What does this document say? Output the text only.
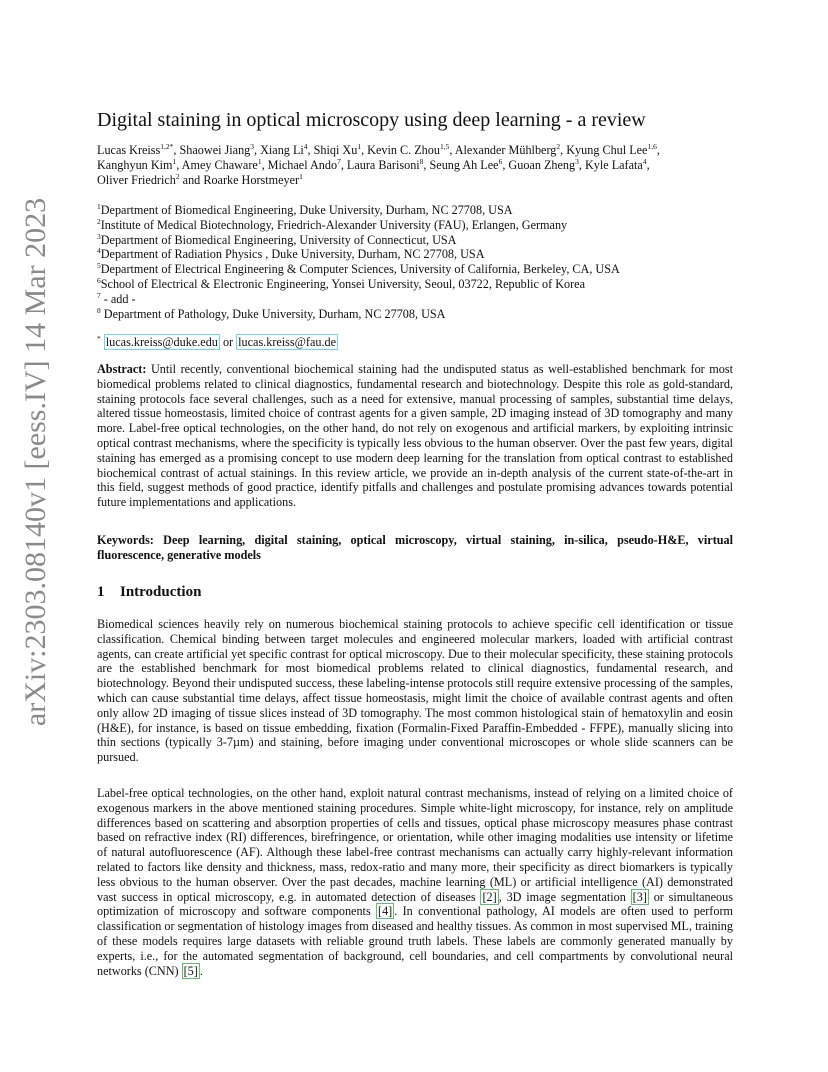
arXiv:2303.08140v1 [eess.IV] 14 Mar 2023
Digital staining in optical microscopy using deep learning - a review
Lucas Kreiss$^{1,2*}$, Shaowei Jiang$^3$, Xiang Li$^4$, Shiqi Xu$^1$, Kevin C. Zhou$^{1,5}$, Alexander Mühlberg$^2$, Kyung Chul Lee$^{1,6}$,
Kanghyun Kim$^1$, Amey Chaware$^1$, Michael Ando$^7$, Laura Barisoni$^8$, Seung Ah Lee$^6$, Guoan Zheng$^3$, Kyle Lafata$^4$,
Oliver Friedrich$^2$ and Roarke Horstmeyer$^1$
$^1$Department of Biomedical Engineering, Duke University, Durham, NC 27708, USA
$^2$Institute of Medical Biotechnology, Friedrich-Alexander University (FAU), Erlangen, Germany
$^3$Department of Biomedical Engineering, University of Connecticut, USA
$^4$Department of Radiation Physics , Duke University, Durham, NC 27708, USA
$^5$Department of Electrical Engineering & Computer Sciences, University of California, Berkeley, CA, USA
$^6$School of Electrical & Electronic Engineering, Yonsei University, Seoul, 03722, Republic of Korea
$^7$ - add -
$^8$ Department of Pathology, Duke University, Durham, NC 27708, USA
* lucas.kreiss@duke.edu or lucas.kreiss@fau.de
Abstract: Until recently, conventional biochemical staining had the undisputed status as well-established benchmark for most biomedical problems related to clinical diagnostics, fundamental research and biotechnology. Despite this role as gold-standard, staining protocols face several challenges, such as a need for extensive, manual processing of samples, substantial time delays, altered tissue homeostasis, limited choice of contrast agents for a given sample, 2D imaging instead of 3D tomography and many more. Label-free optical technologies, on the other hand, do not rely on exogenous and artificial markers, by exploiting intrinsic optical contrast mechanisms, where the specificity is typically less obvious to the human observer. Over the past few years, digital staining has emerged as a promising concept to use modern deep learning for the translation from optical contrast to established biochemical contrast of actual stainings. In this review article, we provide an in-depth analysis of the current state-of-the-art in this field, suggest methods of good practice, identify pitfalls and challenges and postulate promising advances towards potential future implementations and applications.
Keywords: Deep learning, digital staining, optical microscopy, virtual staining, in-silica, pseudo-H&E, virtual fluorescence, generative models
1 Introduction
Biomedical sciences heavily rely on numerous biochemical staining protocols to achieve specific cell identification or tissue classification. Chemical binding between target molecules and engineered molecular markers, loaded with artificial contrast agents, can create artificial yet specific contrast for optical microscopy. Due to their molecular specificity, these staining protocols are the established benchmark for most biomedical problems related to clinical diagnostics, fundamental research, and biotechnology. Beyond their undisputed success, these labeling-intense protocols still require extensive processing of the samples, which can cause substantial time delays, affect tissue homeostasis, might limit the choice of available contrast agents and often only allow 2D imaging of tissue slices instead of 3D tomography. The most common histological stain of hematoxylin and eosin (H&E), for instance, is based on tissue embedding, fixation (Formalin-Fixed Paraffin-Embedded - FFPE), manually slicing into thin sections (typically 3-7µm) and staining, before imaging under conventional microscopes or whole slide scanners can be pursued.
Label-free optical technologies, on the other hand, exploit natural contrast mechanisms, instead of relying on a limited choice of exogenous markers in the above mentioned staining procedures. Simple white-light microscopy, for instance, rely on amplitude differences based on scattering and absorption properties of cells and tissues, optical phase microscopy measures phase contrast based on refractive index (RI) differences, birefringence, or orientation, while other imaging modalities use intensity or lifetime of natural autofluorescence (AF). Although these label-free contrast mechanisms can actually carry highly-relevant information related to factors like density and thickness, mass, redox-ratio and many more, their specificity as direct biomarkers is typically less obvious to the human observer. Over the past decades, machine learning (ML) or artificial intelligence (AI) demonstrated vast success in optical microscopy, e.g. in automated detection of diseases [2] , 3D image segmentation [3] or simultaneous optimization of microscopy and software components [4] . In conventional pathology, AI models are often used to perform classification or segmentation of histology images from diseased and healthy tissues. As common in most supervised ML, training of these models requires large datasets with reliable ground truth labels. These labels are commonly generated manually by experts, i.e., for the automated segmentation of background, cell boundaries, and cell compartments by convolutional neural networks (CNN) [5] .
